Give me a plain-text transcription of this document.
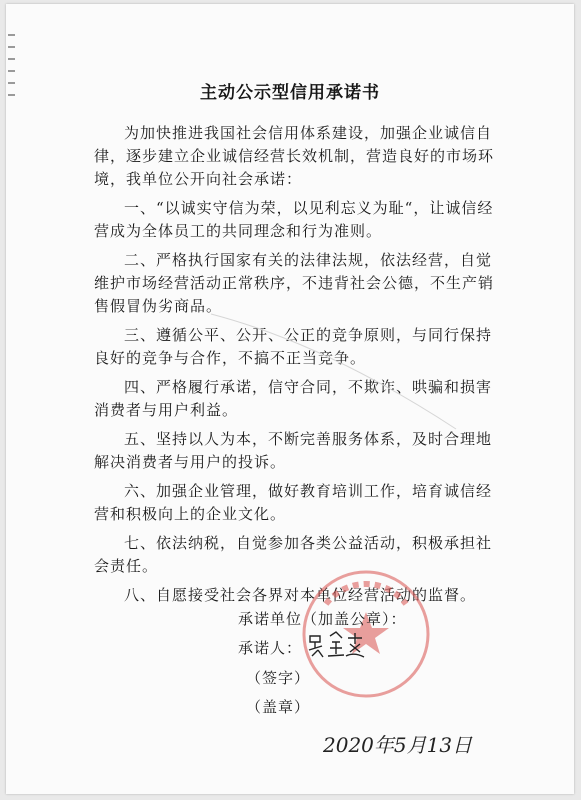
主动公示型信用承诺书

为加快推进我国社会信用体系建设，加强企业诚信自律，逐步建立企业诚信经营长效机制，营造良好的市场环境，我单位公开向社会承诺：

一、“以诚实守信为荣，以见利忘义为耻“，让诚信经营成为全体员工的共同理念和行为准则。

二、严格执行国家有关的法律法规，依法经营，自觉维护市场经营活动正常秩序，不违背社会公德，不生产销售假冒伪劣商品。

三、遵循公平、公开、公正的竞争原则，与同行保持良好的竞争与合作，不搞不正当竞争。

四、严格履行承诺，信守合同，不欺诈、哄骗和损害消费者与用户利益。

五、坚持以人为本，不断完善服务体系，及时合理地解决消费者与用户的投诉。

六、加强企业管理，做好教育培训工作，培育诚信经营和积极向上的企业文化。

七、依法纳税，自觉参加各类公益活动，积极承担社会责任。

八、自愿接受社会各界对本单位经营活动的监督。

承诺单位（加盖公章）：
承诺人：
（签字）
（盖章）
2020年5月13日
